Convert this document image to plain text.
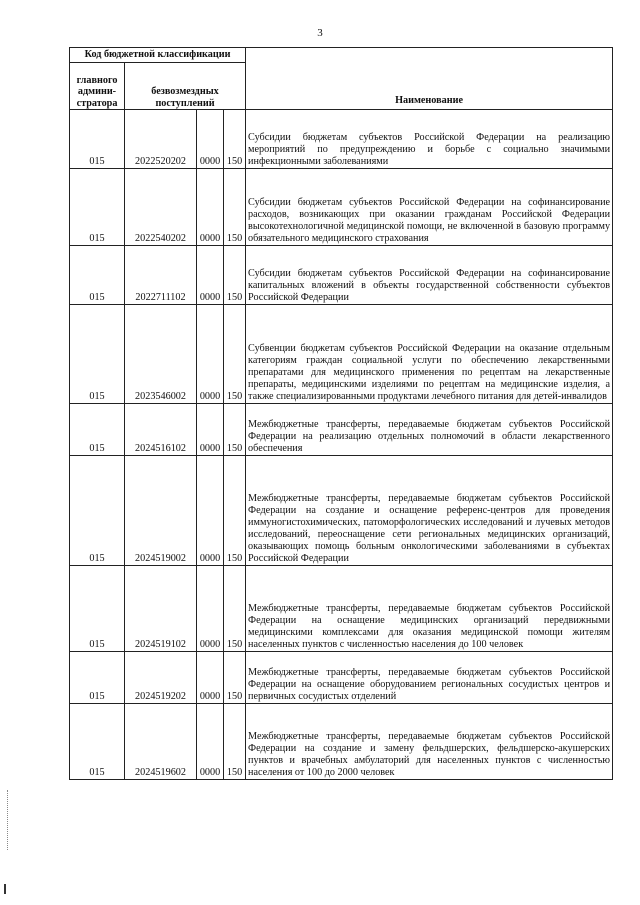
3
Код бюджетной классификации				Наименование
главного админи-стратора	безвозмездных поступлений			
015	2022520202	0000	150	Субсидии бюджетам субъектов Российской Федерации на реализацию мероприятий по предупреждению и борьбе с социально значимыми инфекционными заболеваниями
015	2022540202	0000	150	Субсидии бюджетам субъектов Российской Федерации на софинансирование расходов, возникающих при оказании гражданам Российской Федерации высокотехнологичной медицинской помощи, не включенной в базовую программу обязательного медицинского страхования
015	2022711102	0000	150	Субсидии бюджетам субъектов Российской Федерации на софинансирование капитальных вложений в объекты государственной собственности субъектов Российской Федерации
015	2023546002	0000	150	Субвенции бюджетам субъектов Российской Федерации на оказание отдельным категориям граждан социальной услуги по обеспечению лекарственными препаратами для медицинского применения по рецептам на лекарственные препараты, медицинскими изделиями по рецептам на медицинские изделия, а также специализированными продуктами лечебного питания для детей-инвалидов
015	2024516102	0000	150	Межбюджетные трансферты, передаваемые бюджетам субъектов Российской Федерации на реализацию отдельных полномочий в области лекарственного обеспечения
015	2024519002	0000	150	Межбюджетные трансферты, передаваемые бюджетам субъектов Российской Федерации на создание и оснащение референс-центров для проведения иммуногистохимических, патоморфологических исследований и лучевых методов исследований, переоснащение сети региональных медицинских организаций, оказывающих помощь больным онкологическими заболеваниями в субъектах Российской Федерации
015	2024519102	0000	150	Межбюджетные трансферты, передаваемые бюджетам субъектов Российской Федерации на оснащение медицинских организаций передвижными медицинскими комплексами для оказания медицинской помощи жителям населенных пунктов с численностью населения до 100 человек
015	2024519202	0000	150	Межбюджетные трансферты, передаваемые бюджетам субъектов Российской Федерации на оснащение оборудованием региональных сосудистых центров и первичных сосудистых отделений
015	2024519602	0000	150	Межбюджетные трансферты, передаваемые бюджетам субъектов Российской Федерации на создание и замену фельдшерских, фельдшерско-акушерских пунктов и врачебных амбулаторий для населенных пунктов с численностью населения от 100 до 2000 человек
